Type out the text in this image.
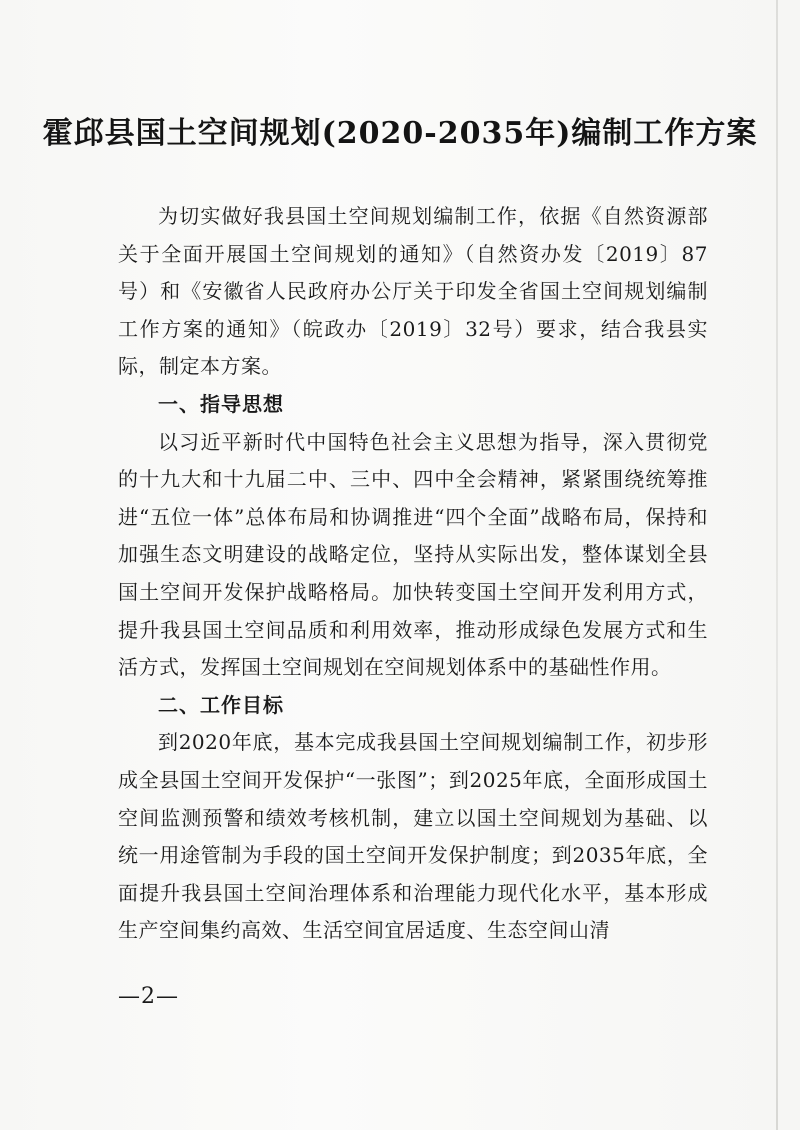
霍邱县国土空间规划(2020-2035年)编制工作方案

为切实做好我县国土空间规划编制工作，依据《自然资源部关于全面开展国土空间规划的通知》（自然资办发〔2019〕87号）和《安徽省人民政府办公厅关于印发全省国土空间规划编制工作方案的通知》（皖政办〔2019〕32号）要求，结合我县实际，制定本方案。

一、指导思想

以习近平新时代中国特色社会主义思想为指导，深入贯彻党的十九大和十九届二中、三中、四中全会精神，紧紧围绕统筹推进“五位一体”总体布局和协调推进“四个全面”战略布局，保持和加强生态文明建设的战略定位，坚持从实际出发，整体谋划全县国土空间开发保护战略格局。加快转变国土空间开发利用方式，提升我县国土空间品质和利用效率，推动形成绿色发展方式和生活方式，发挥国土空间规划在空间规划体系中的基础性作用。

二、工作目标

到2020年底，基本完成我县国土空间规划编制工作，初步形成全县国土空间开发保护“一张图”；到2025年底，全面形成国土空间监测预警和绩效考核机制，建立以国土空间规划为基础、以统一用途管制为手段的国土空间开发保护制度；到2035年底，全面提升我县国土空间治理体系和治理能力现代化水平，基本形成生产空间集约高效、生活空间宜居适度、生态空间山清

—2—
